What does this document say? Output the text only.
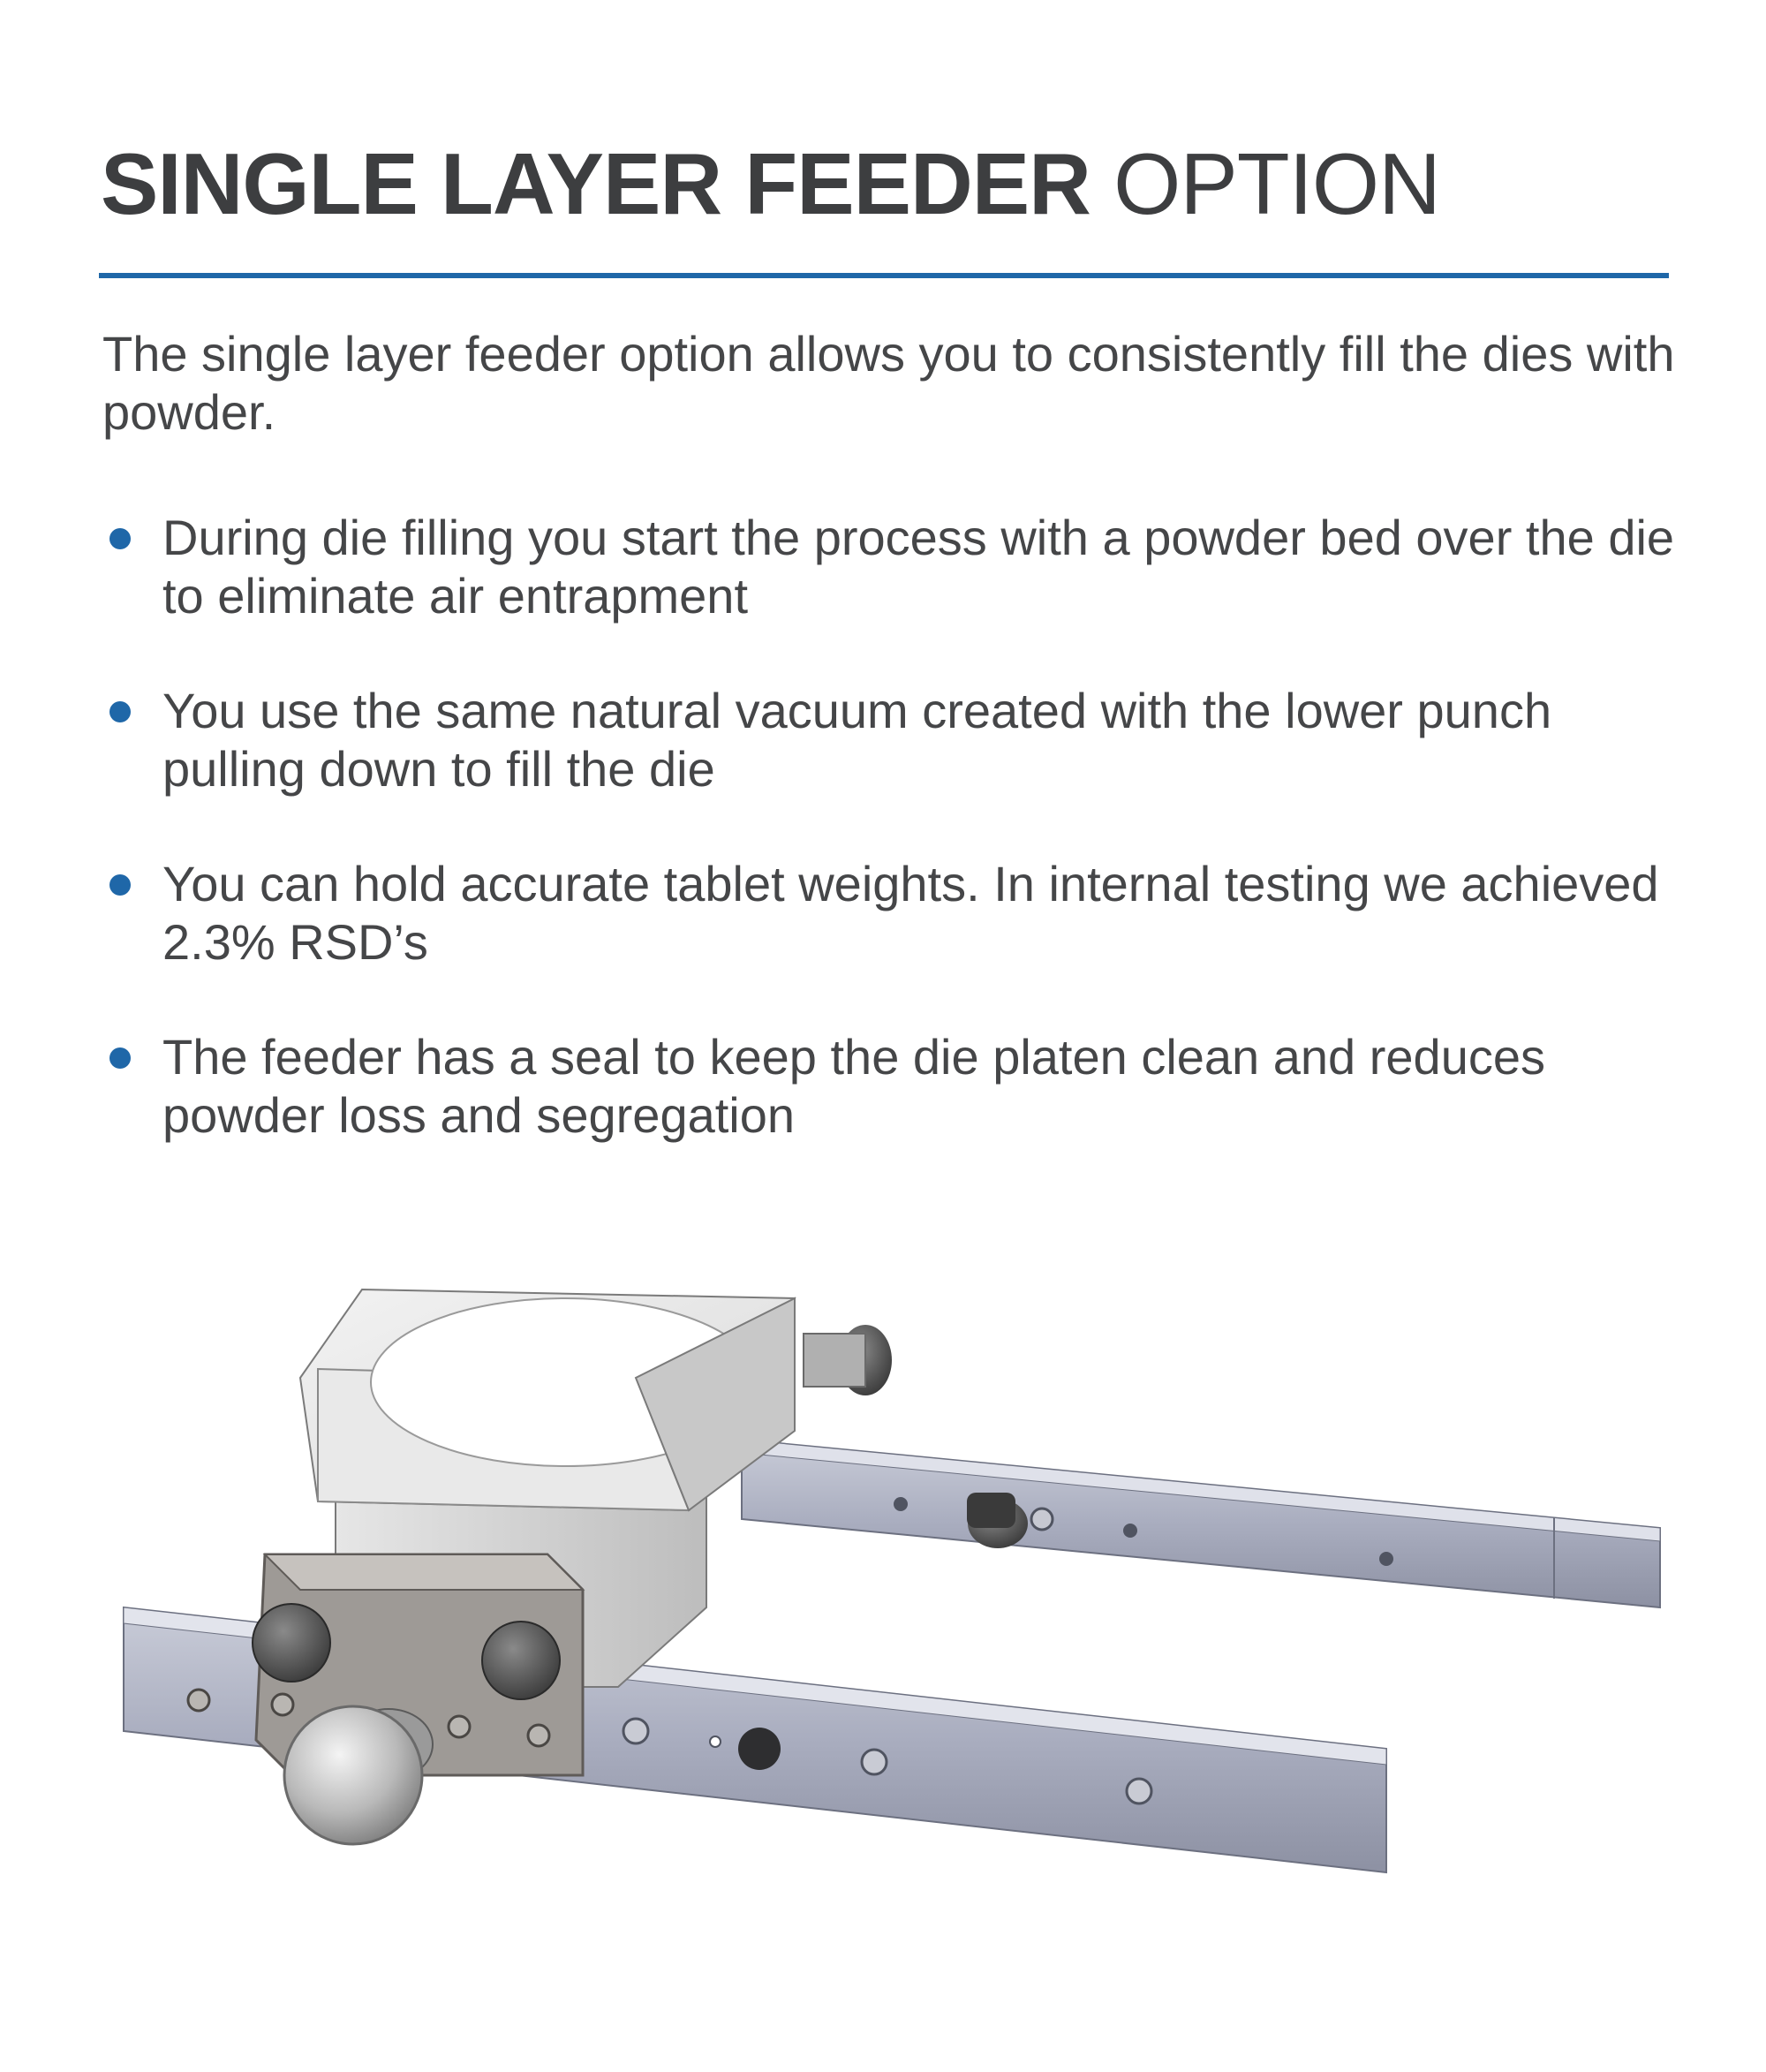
SINGLE LAYER FEEDER OPTION

The single layer feeder option allows you to consistently fill the dies with powder.

During die filling you start the process with a powder bed over the die to eliminate air entrapment
You use the same natural vacuum created with the lower punch pulling down to fill the die
You can hold accurate tablet weights. In internal testing we achieved 2.3% RSD’s
The feeder has a seal to keep the die platen clean and reduces powder loss and segregation
